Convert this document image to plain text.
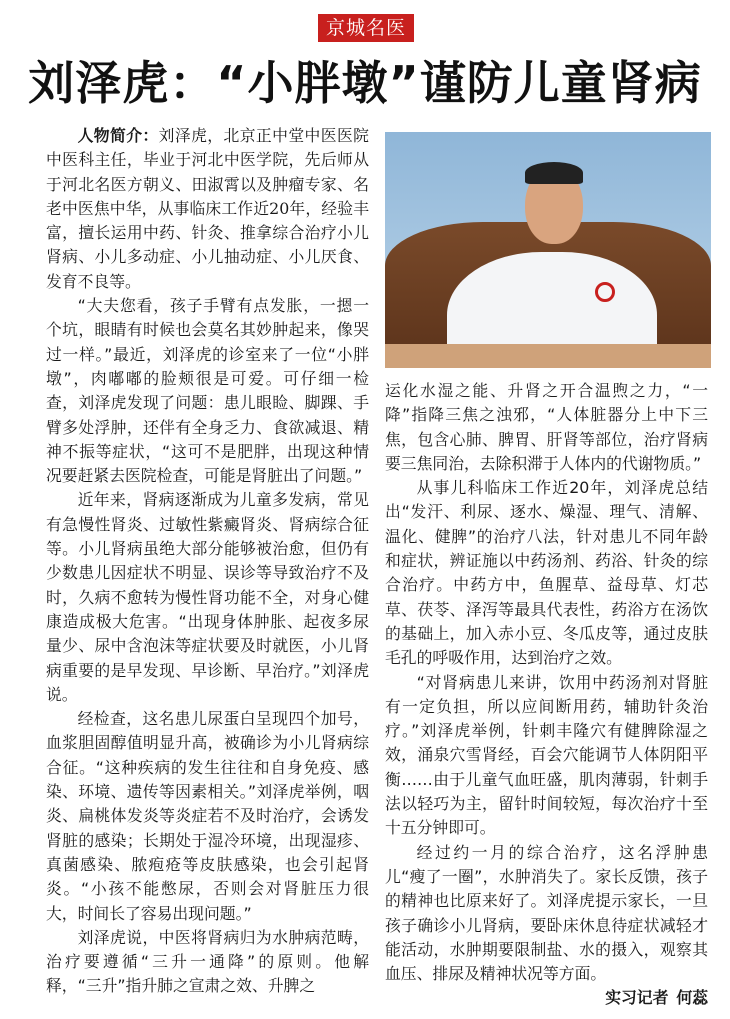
京城名医
刘泽虎：“小胖墩”谨防儿童肾病

人物简介：刘泽虎，北京正中堂中医医院中医科主任，毕业于河北中医学院，先后师从于河北名医方朝义、田淑霄以及肿瘤专家、名老中医焦中华，从事临床工作近20年，经验丰富，擅长运用中药、针灸、推拿综合治疗小儿肾病、小儿多动症、小儿抽动症、小儿厌食、发育不良等。

“大夫您看，孩子手臂有点发胀，一摁一个坑，眼睛有时候也会莫名其妙肿起来，像哭过一样。”最近，刘泽虎的诊室来了一位“小胖墩”，肉嘟嘟的脸颊很是可爱。可仔细一检查，刘泽虎发现了问题：患儿眼睑、脚踝、手臂多处浮肿，还伴有全身乏力、食欲减退、精神不振等症状，“这可不是肥胖，出现这种情况要赶紧去医院检查，可能是肾脏出了问题。”

近年来，肾病逐渐成为儿童多发病，常见有急慢性肾炎、过敏性紫癜肾炎、肾病综合征等。小儿肾病虽绝大部分能够被治愈，但仍有少数患儿因症状不明显、误诊等导致治疗不及时，久病不愈转为慢性肾功能不全，对身心健康造成极大危害。“出现身体肿胀、起夜多尿量少、尿中含泡沫等症状要及时就医，小儿肾病重要的是早发现、早诊断、早治疗。”刘泽虎说。

经检查，这名患儿尿蛋白呈现四个加号，血浆胆固醇值明显升高，被确诊为小儿肾病综合征。“这种疾病的发生往往和自身免疫、感染、环境、遗传等因素相关。”刘泽虎举例，咽炎、扁桃体发炎等炎症若不及时治疗，会诱发肾脏的感染；长期处于湿冷环境，出现湿疹、真菌感染、脓疱疮等皮肤感染，也会引起肾炎。“小孩不能憋尿，否则会对肾脏压力很大，时间长了容易出现问题。”

刘泽虎说，中医将肾病归为水肿病范畴，治疗要遵循“三升一通降”的原则。他解释，“三升”指升肺之宣肃之效、升脾之

运化水湿之能、升肾之开合温煦之力，“一降”指降三焦之浊邪，“人体脏器分上中下三焦，包含心肺、脾胃、肝肾等部位，治疗肾病要三焦同治，去除积滞于人体内的代谢物质。”

从事儿科临床工作近20年，刘泽虎总结出“发汗、利尿、逐水、燥湿、理气、清解、温化、健脾”的治疗八法，针对患儿不同年龄和症状，辨证施以中药汤剂、药浴、针灸的综合治疗。中药方中，鱼腥草、益母草、灯芯草、茯苓、泽泻等最具代表性，药浴方在汤饮的基础上，加入赤小豆、冬瓜皮等，通过皮肤毛孔的呼吸作用，达到治疗之效。

“对肾病患儿来讲，饮用中药汤剂对肾脏有一定负担，所以应间断用药，辅助针灸治疗。”刘泽虎举例，针刺丰隆穴有健脾除湿之效，涌泉穴雪肾经，百会穴能调节人体阴阳平衡……由于儿童气血旺盛，肌肉薄弱，针刺手法以轻巧为主，留针时间较短，每次治疗十至十五分钟即可。

经过约一月的综合治疗，这名浮肿患儿“瘦了一圈”，水肿消失了。家长反馈，孩子的精神也比原来好了。刘泽虎提示家长，一旦孩子确诊小儿肾病，要卧床休息待症状减轻才能活动，水肿期要限制盐、水的摄入，观察其血压、排尿及精神状况等方面。

实习记者 何蕊
